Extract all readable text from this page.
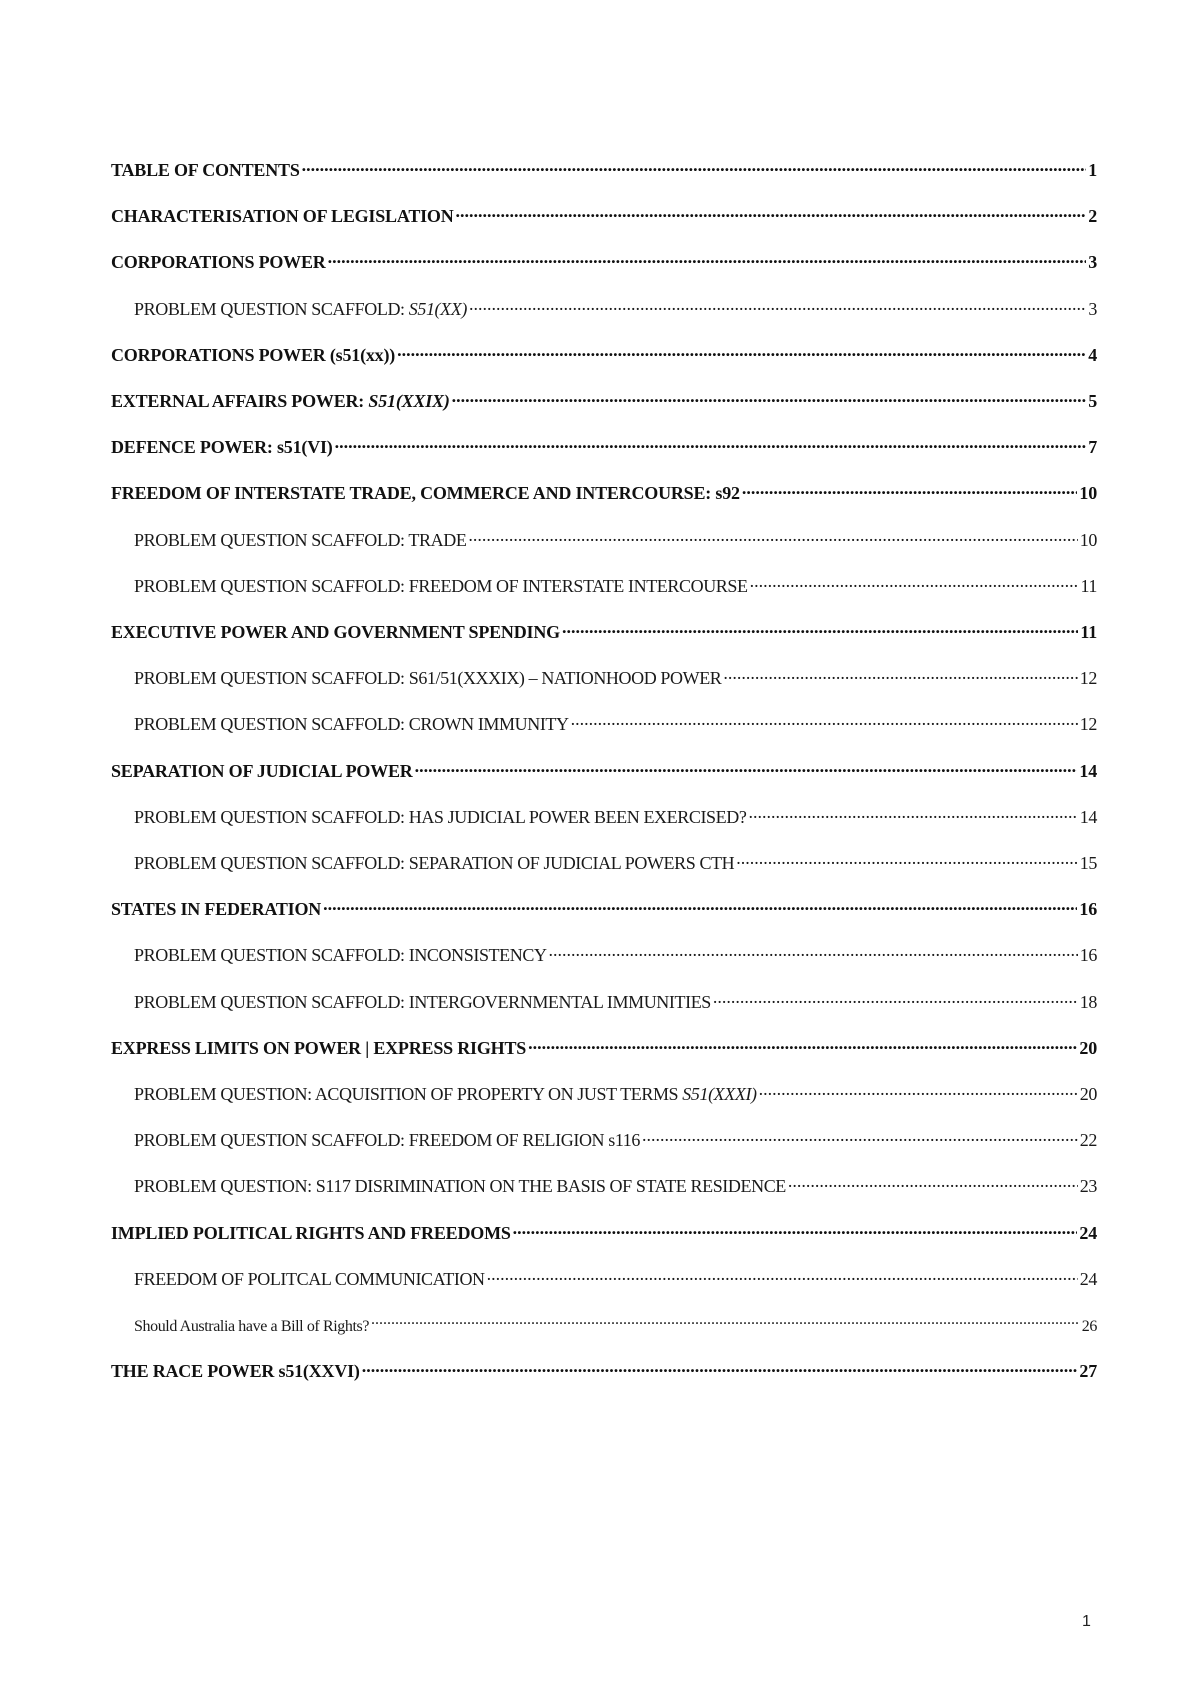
TABLE OF CONTENTS .....	1
CHARACTERISATION OF LEGISLATION .....	2
CORPORATIONS POWER .....	3
PROBLEM QUESTION SCAFFOLD: S51(XX) .....	3
CORPORATIONS POWER (s51(xx)) .....	4
EXTERNAL AFFAIRS POWER: S51(XXIX) .....	5
DEFENCE POWER: s51(VI) .....	7
FREEDOM OF INTERSTATE TRADE, COMMERCE AND INTERCOURSE: s92 .....	10
PROBLEM QUESTION SCAFFOLD: TRADE .....	10
PROBLEM QUESTION SCAFFOLD: FREEDOM OF INTERSTATE INTERCOURSE .....	11
EXECUTIVE POWER AND GOVERNMENT SPENDING .....	11
PROBLEM QUESTION SCAFFOLD: S61/51(XXXIX) – NATIONHOOD POWER .....	12
PROBLEM QUESTION SCAFFOLD: CROWN IMMUNITY .....	12
SEPARATION OF JUDICIAL POWER .....	14
PROBLEM QUESTION SCAFFOLD: HAS JUDICIAL POWER BEEN EXERCISED? .....	14
PROBLEM QUESTION SCAFFOLD: SEPARATION OF JUDICIAL POWERS CTH .....	15
STATES IN FEDERATION .....	16
PROBLEM QUESTION SCAFFOLD: INCONSISTENCY .....	16
PROBLEM QUESTION SCAFFOLD: INTERGOVERNMENTAL IMMUNITIES .....	18
EXPRESS LIMITS ON POWER | EXPRESS RIGHTS .....	20
PROBLEM QUESTION: ACQUISITION OF PROPERTY ON JUST TERMS S51(XXXI) .....	20
PROBLEM QUESTION SCAFFOLD: FREEDOM OF RELIGION s116 .....	22
PROBLEM QUESTION: S117 DISRIMINATION ON THE BASIS OF STATE RESIDENCE .....	23
IMPLIED POLITICAL RIGHTS AND FREEDOMS .....	24
FREEDOM OF POLITCAL COMMUNICATION .....	24
Should Australia have a Bill of Rights? .....	26
THE RACE POWER s51(XXVI) .....	27
1
